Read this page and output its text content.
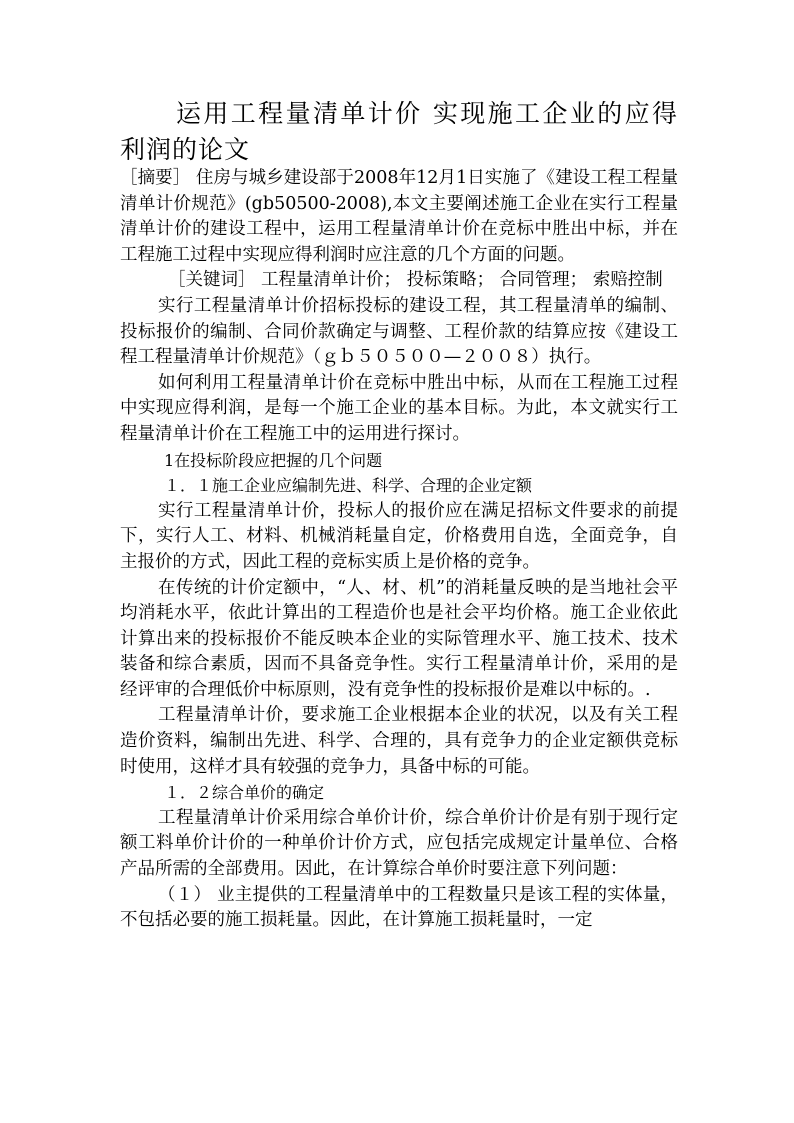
运用工程量清单计价 实现施工企业的应得利润的论文

［摘要］ 住房与城乡建设部于2008年12月1日实施了《建设工程工程量清单计价规范》(gb50500-2008),本文主要阐述施工企业在实行工程量清单计价的建设工程中，运用工程量清单计价在竞标中胜出中标，并在工程施工过程中实现应得利润时应注意的几个方面的问题。

［关键词］ 工程量清单计价； 投标策略； 合同管理； 索赔控制

实行工程量清单计价招标投标的建设工程，其工程量清单的编制、投标报价的编制、合同价款确定与调整、工程价款的结算应按《建设工程工程量清单计价规范》（ｇｂ５０５００—２００８）执行。

如何利用工程量清单计价在竞标中胜出中标，从而在工程施工过程中实现应得利润，是每一个施工企业的基本目标。为此，本文就实行工程量清单计价在工程施工中的运用进行探讨。

1在投标阶段应把握的几个问题

１．１施工企业应编制先进、科学、合理的企业定额

实行工程量清单计价，投标人的报价应在满足招标文件要求的前提下，实行人工、材料、机械消耗量自定，价格费用自选，全面竞争，自主报价的方式，因此工程的竞标实质上是价格的竞争。

在传统的计价定额中，“人、材、机”的消耗量反映的是当地社会平均消耗水平，依此计算出的工程造价也是社会平均价格。施工企业依此计算出来的投标报价不能反映本企业的实际管理水平、施工技术、技术装备和综合素质，因而不具备竞争性。实行工程量清单计价，采用的是经评审的合理低价中标原则，没有竞争性的投标报价是难以中标的。.

工程量清单计价，要求施工企业根据本企业的状况，以及有关工程造价资料，编制出先进、科学、合理的，具有竞争力的企业定额供竞标时使用，这样才具有较强的竞争力，具备中标的可能。

１．２综合单价的确定

工程量清单计价采用综合单价计价，综合单价计价是有别于现行定额工料单价计价的一种单价计价方式，应包括完成规定计量单位、合格产品所需的全部费用。因此，在计算综合单价时要注意下列问题：

（１） 业主提供的工程量清单中的工程数量只是该工程的实体量，不包括必要的施工损耗量。因此，在计算施工损耗量时，一定
